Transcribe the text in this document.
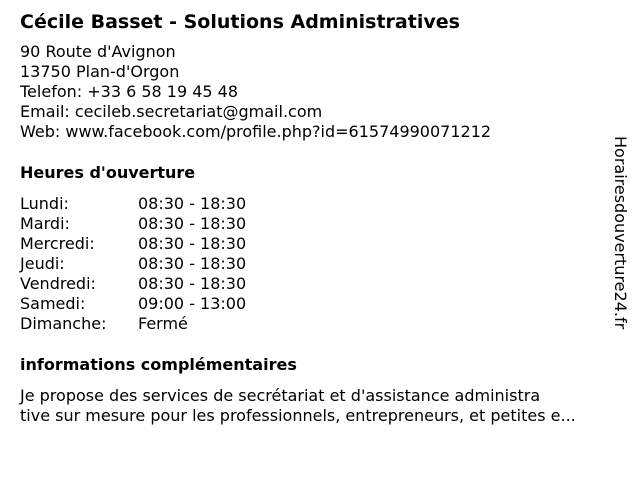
Cécile Basset - Solutions Administratives
90 Route d'Avignon
13750 Plan-d'Orgon
Telefon: +33 6 58 19 45 48
Email: cecileb.secretariat@gmail.com
Web: www.facebook.com/profile.php?id=61574990071212
Heures d'ouverture
Lundi:	08:30 - 18:30
Mardi:	08:30 - 18:30
Mercredi:	08:30 - 18:30
Jeudi:	08:30 - 18:30
Vendredi:	08:30 - 18:30
Samedi:	09:00 - 13:00
Dimanche:	Fermé
informations complémentaires
Je propose des services de secrétariat et d'assistance administra
tive sur mesure pour les professionnels, entrepreneurs, et petites e...
Horairesdouverture24.fr
